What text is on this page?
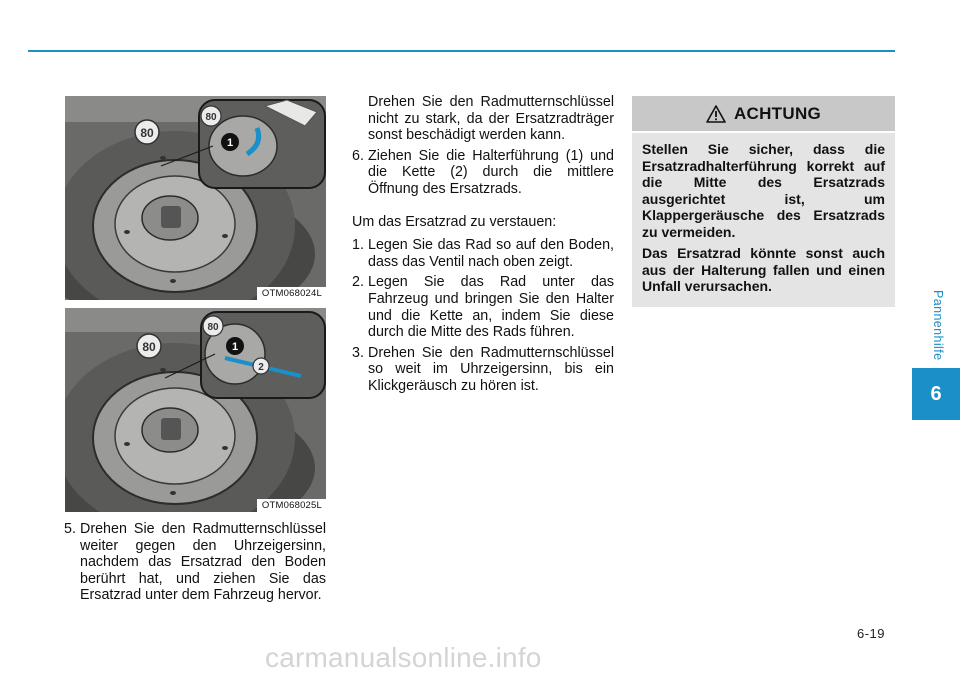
80
1
80
OTM068024L
80	1
2
80
OTM068025L
5. Drehen Sie den Radmutternschlüssel weiter gegen den Uhrzeigersinn, nachdem das Ersatzrad den Boden berührt hat, und ziehen Sie das Ersatzrad unter dem Fahrzeug hervor.
Drehen Sie den Radmutternschlüssel nicht zu stark, da der Ersatzradträger sonst beschädigt werden kann.
6. Ziehen Sie die Halterführung (1) und die Kette (2) durch die mittlere Öffnung des Ersatzrads.
Um das Ersatzrad zu verstauen:
1. Legen Sie das Rad so auf den Boden, dass das Ventil nach oben zeigt.
2. Legen Sie das Rad unter das Fahrzeug und bringen Sie den Halter und die Kette an, indem Sie diese durch die Mitte des Rads führen.
3. Drehen Sie den Radmutternschlüssel so weit im Uhrzeigersinn, bis ein Klickgeräusch zu hören ist.
ACHTUNG

Stellen Sie sicher, dass die Ersatzradhalterführung korrekt auf die Mitte des Ersatzrads ausgerichtet ist, um Klappergeräusche des Ersatzrads zu vermeiden.

Das Ersatzrad könnte sonst auch aus der Halterung fallen und einen Unfall verursachen.

Pannenhilfe
6
6-19
carmanualsonline.info
